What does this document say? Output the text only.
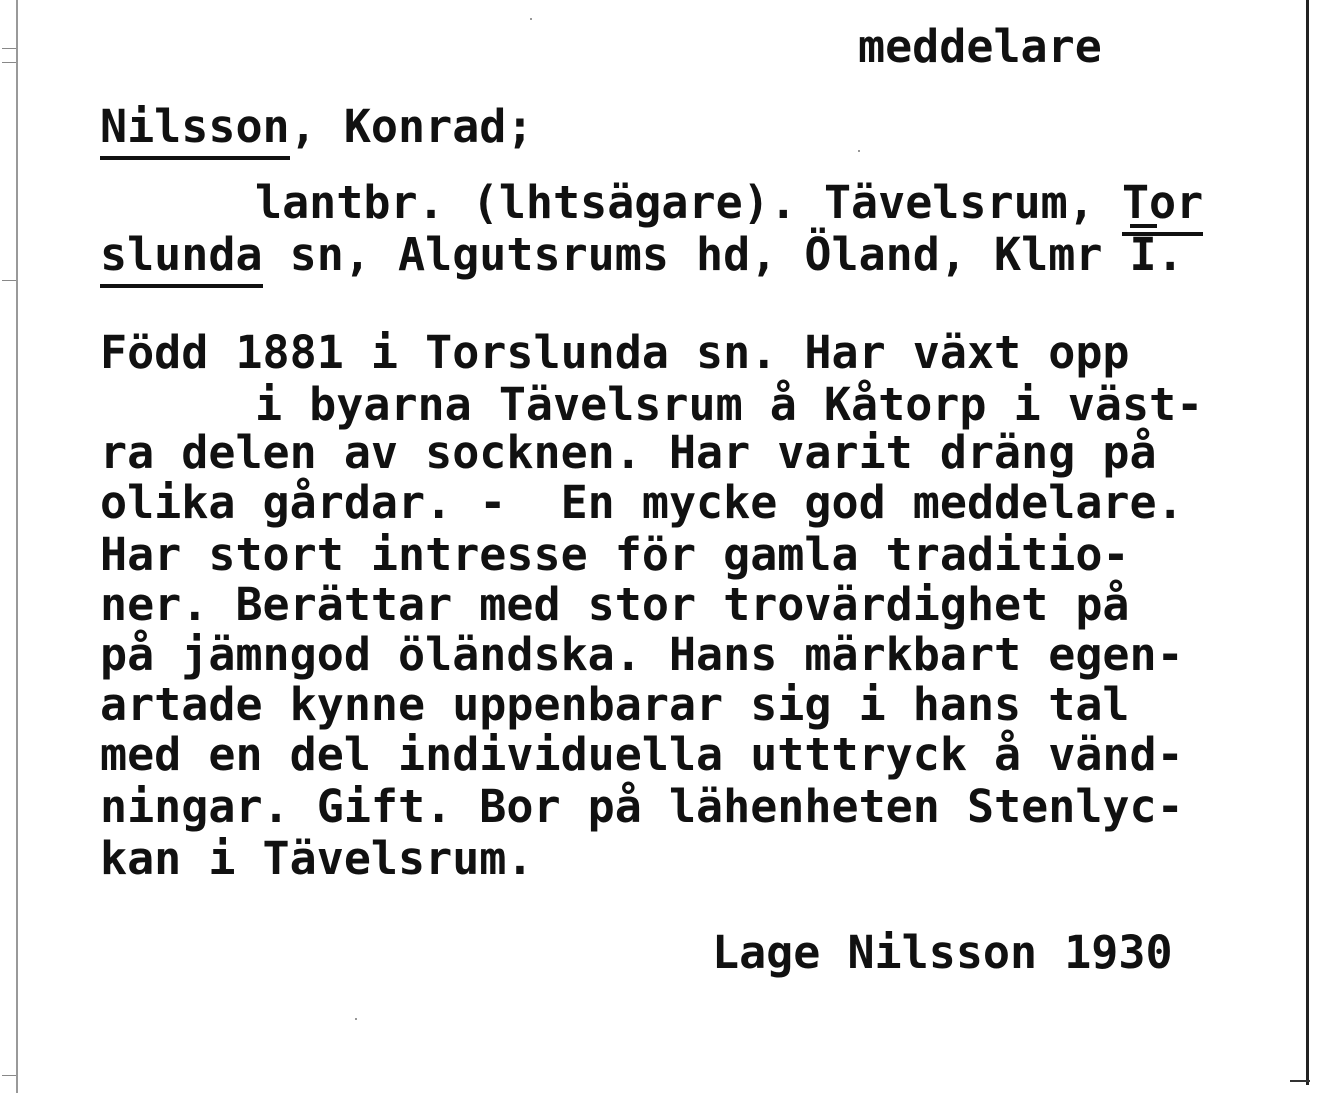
meddelare
Nilsson, Konrad;
lantbr. (lhtsägare). Tävelsrum, Tor
slunda sn, Algutsrums hd, Öland, Klmr I.
Född 1881 i Torslunda sn. Har växt opp
i byarna Tävelsrum å Kåtorp i väst-
ra delen av socknen. Har varit dräng på
olika gårdar. -  En mycke god meddelare.
Har stort intresse för gamla traditio-
ner. Berättar med stor trovärdighet på
på jämngod öländska. Hans märkbart egen-
artade kynne uppenbarar sig i hans tal
med en del individuella utttryck å vänd-
ningar. Gift. Bor på lähenheten Stenlyc-
kan i Tävelsrum.
Lage Nilsson 1930
